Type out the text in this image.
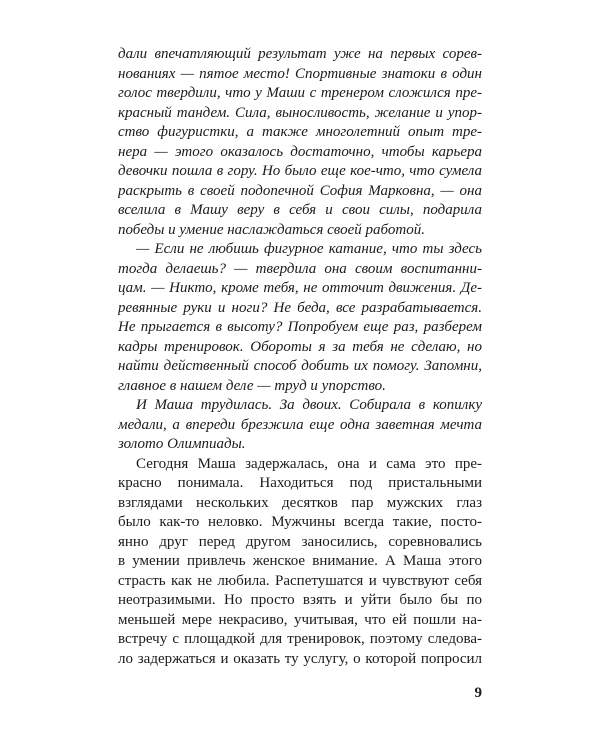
дали впечатляющий результат уже на первых сорев-
нованиях — пятое место! Спортивные знатоки в один
голос твердили, что у Маши с тренером сложился пре-
красный тандем. Сила, выносливость, желание и упор-
ство фигуристки, а также многолетний опыт тре-
нера — этого оказалось достаточно, чтобы карьера
девочки пошла в гору. Но было еще кое-что, что сумела
раскрыть в своей подопечной София Марковна, — она
вселила в Машу веру в себя и свои силы, подарила
победы и умение наслаждаться своей работой.
— Если не любишь фигурное катание, что ты здесь
тогда делаешь? — твердила она своим воспитанни-
цам. — Никто, кроме тебя, не отточит движения. Де-
ревянные руки и ноги? Не беда, все разрабатывается.
Не прыгается в высоту? Попробуем еще раз, разберем
кадры тренировок. Обороты я за тебя не сделаю, но
найти действенный способ добить их помогу. Запомни,
главное в нашем деле — труд и упорство.
И Маша трудилась. За двоих. Собирала в копилку
медали, а впереди брезжила еще одна заветная мечта
золото Олимпиады.
Сегодня Маша задержалась, она и сама это пре-
красно понимала. Находиться под пристальными
взглядами нескольких десятков пар мужских глаз
было как-то неловко. Мужчины всегда такие, посто-
янно друг перед другом заносились, соревновались
в умении привлечь женское внимание. А Маша этого
страсть как не любила. Распетушатся и чувствуют себя
неотразимыми. Но просто взять и уйти было бы по
меньшей мере некрасиво, учитывая, что ей пошли на-
встречу с площадкой для тренировок, поэтому следова-
ло задержаться и оказать ту услугу, о которой попросил
9
